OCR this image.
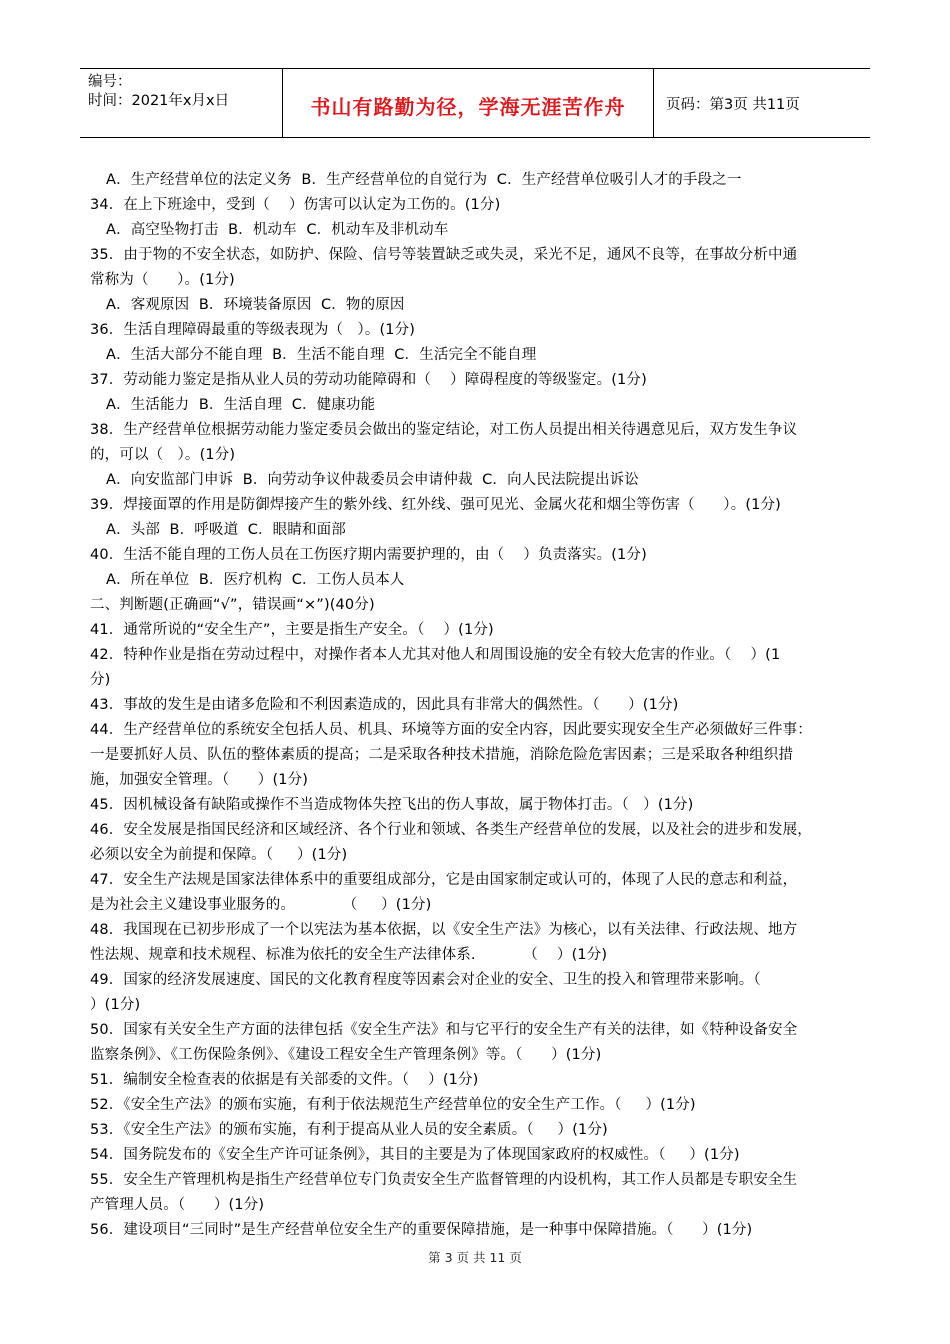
编号：
时间：2021年x月x日	书山有路勤为径，学海无涯苦作舟	页码：第3页 共11页
A．生产经营单位的法定义务  B．生产经营单位的自觉行为  C．生产经营单位吸引人才的手段之一
34．在上下班途中，受到（    ）伤害可以认定为工伤的。(1分)
A．高空坠物打击  B．机动车  C．机动车及非机动车
35．由于物的不安全状态，如防护、保险、信号等装置缺乏或失灵，采光不足，通风不良等，在事故分析中通
常称为（      ）。(1分)
A．客观原因  B．环境装备原因  C．物的原因
36．生活自理障碍最重的等级表现为（   ）。(1分)
A．生活大部分不能自理  B．生活不能自理  C．生活完全不能自理
37．劳动能力鉴定是指从业人员的劳动功能障碍和（    ）障碍程度的等级鉴定。(1分)
A．生活能力  B．生活自理  C．健康功能
38．生产经营单位根据劳动能力鉴定委员会做出的鉴定结论，对工伤人员提出相关待遇意见后，双方发生争议
的，可以（   ）。(1分)
A．向安监部门申诉  B．向劳动争议仲裁委员会申请仲裁  C．向人民法院提出诉讼
39．焊接面罩的作用是防御焊接产生的紫外线、红外线、强可见光、金属火花和烟尘等伤害（      ）。(1分)
A．头部  B．呼吸道  C．眼睛和面部
40．生活不能自理的工伤人员在工伤医疗期内需要护理的，由（    ）负责落实。(1分)
A．所在单位  B．医疗机构  C．工伤人员本人
二、判断题(正确画“√”，错误画“×”)(40分)
41．通常所说的“安全生产”，主要是指生产安全。（    ）(1分)
42．特种作业是指在劳动过程中，对操作者本人尤其对他人和周围设施的安全有较大危害的作业。（    ）(1
分)
43．事故的发生是由诸多危险和不利因素造成的，因此具有非常大的偶然性。（      ）(1分)
44．生产经营单位的系统安全包括人员、机具、环境等方面的安全内容，因此要实现安全生产必须做好三件事：
一是要抓好人员、队伍的整体素质的提高；二是采取各种技术措施，消除危险危害因素；三是采取各种组织措
施，加强安全管理。（      ）(1分)
45．因机械设备有缺陷或操作不当造成物体失控飞出的伤人事故，属于物体打击。（   ）(1分)
46．安全发展是指国民经济和区域经济、各个行业和领域、各类生产经营单位的发展，以及社会的进步和发展，
必须以安全为前提和保障。（     ）(1分)
47．安全生产法规是国家法律体系中的重要组成部分，它是由国家制定或认可的，体现了人民的意志和利益，
是为社会主义建设事业服务的。          （     ）(1分)
48．我国现在已初步形成了一个以宪法为基本依据，以《安全生产法》为核心，以有关法律、行政法规、地方
性法规、规章和技术规程、标准为依托的安全生产法律体系.          （    ）(1分)
49．国家的经济发展速度、国民的文化教育程度等因素会对企业的安全、卫生的投入和管理带来影响。（
）(1分)
50．国家有关安全生产方面的法律包括《安全生产法》和与它平行的安全生产有关的法律，如《特种设备安全
监察条例》、《工伤保险条例》、《建设工程安全生产管理条例》等。（      ）(1分)
51．编制安全检查表的依据是有关部委的文件。（    ）(1分)
52．《安全生产法》的颁布实施，有利于依法规范生产经营单位的安全生产工作。（     ）(1分)
53．《安全生产法》的颁布实施，有利于提高从业人员的安全素质。（     ）(1分)
54．国务院发布的《安全生产许可证条例》，其目的主要是为了体现国家政府的权威性。（     ）(1分)
55．安全生产管理机构是指生产经营单位专门负责安全生产监督管理的内设机构，其工作人员都是专职安全生
产管理人员。（      ）(1分)
56．建设项目“三同时”是生产经营单位安全生产的重要保障措施，是一种事中保障措施。（      ）(1分)
第 3 页 共 11 页
